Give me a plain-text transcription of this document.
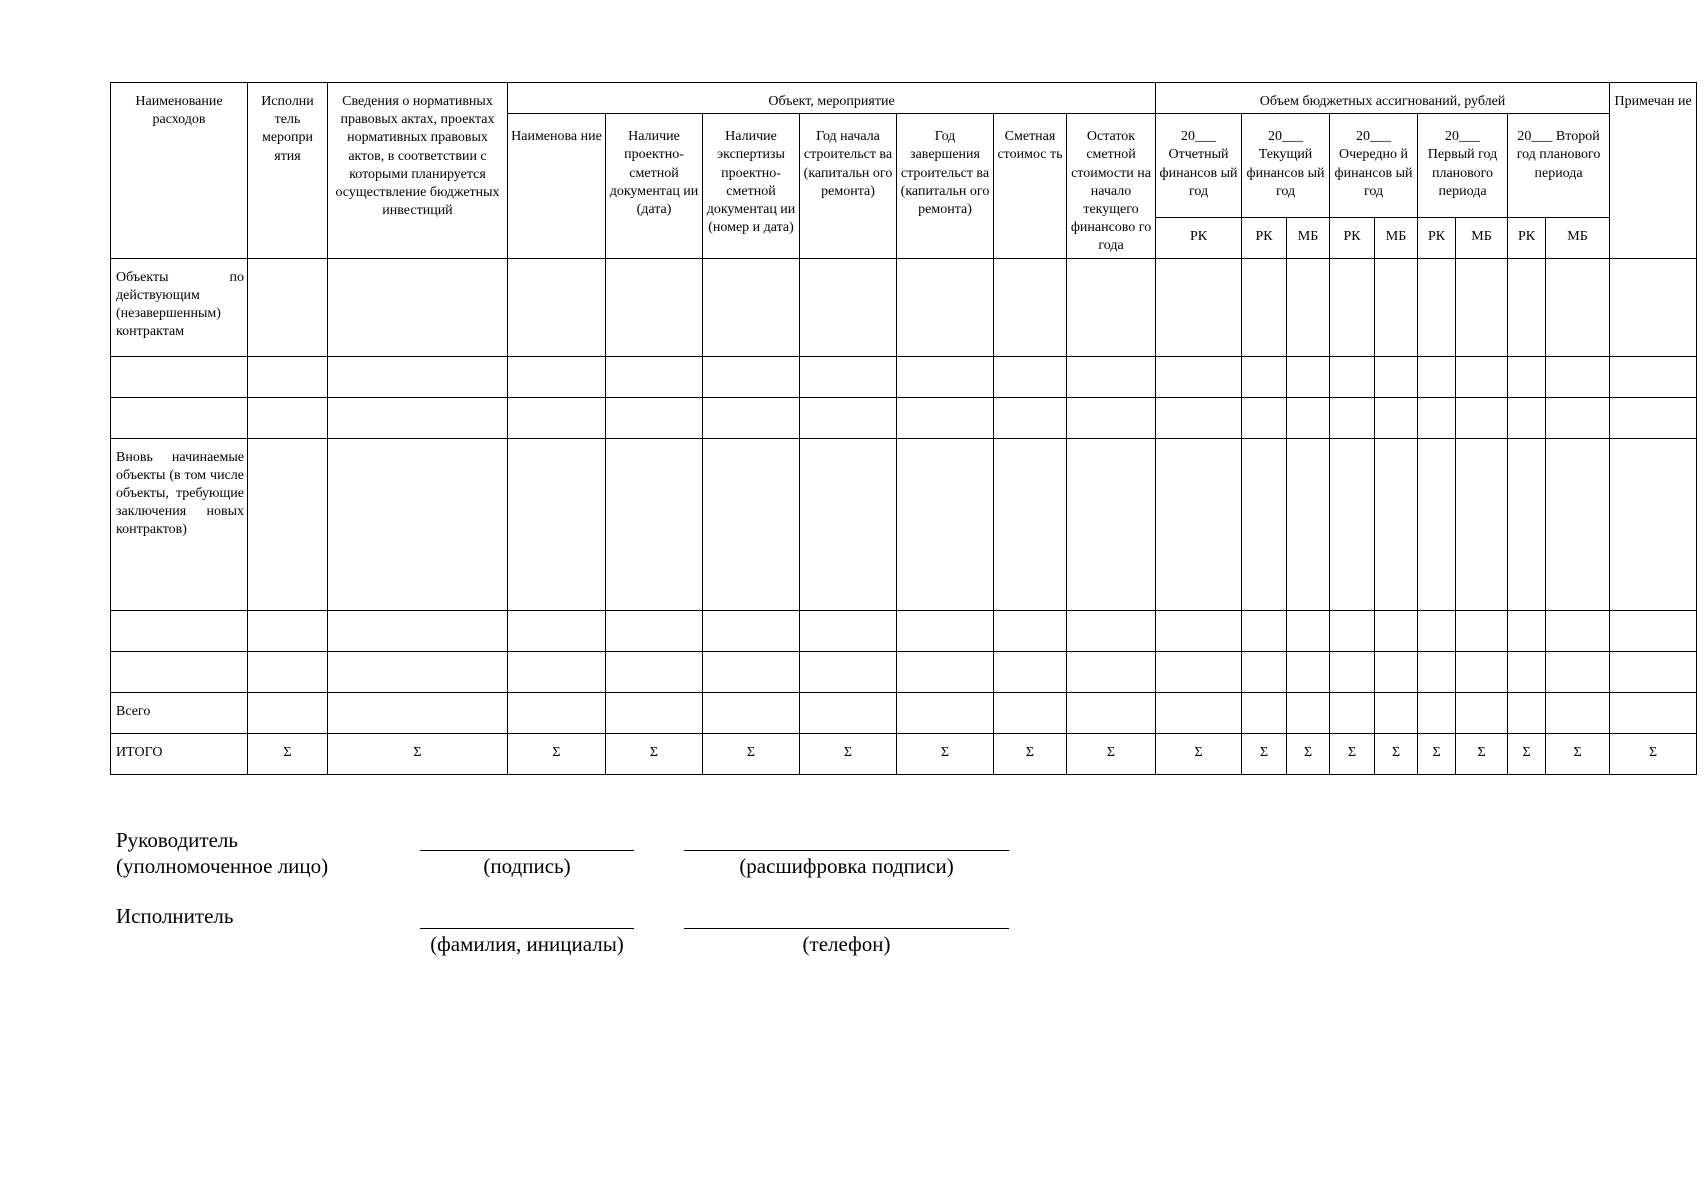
Наименование расходов	Исполни тель меропри ятия	Сведения о нормативных правовых актах, проектах нормативных правовых актов, в соответствии с которыми планируется осуществление бюджетных инвестиций	Объект, мероприятие							Объем бюджетных ассигнований, рублей									Примечан ие
			Наименова ние	Наличие проектно-сметной документац ии (дата)	Наличие экспертизы проектно-сметной документац ии (номер и дата)	Год начала строительст ва (капитальн ого ремонта)	Год завершения строительст ва (капитальн ого ремонта)	Сметная стоимос ть	Остаток сметной стоимости на начало текущего финансово го года	20___ Отчетный финансов ый год	20___ Текущий финансов ый год		20___ Очередно й финансов ый год		20___ Первый год планового периода		20___ Второй год планового периода		
										РК	РК	МБ	РК	МБ	РК	МБ	РК	МБ	
Объекты по действующим (незавершенным) контрактам																			

Вновь начинаемые объекты (в том числе объекты, требующие заключения новых контрактов)																			

Всего																			
ИТОГО	Σ	Σ	Σ	Σ	Σ	Σ	Σ	Σ	Σ	Σ	Σ	Σ	Σ	Σ	Σ	Σ	Σ	Σ	Σ
Руководитель
(уполномоченное лицо)	(подпись)	(расшифровка подписи)
Исполнитель
(фамилия, инициалы)	(телефон)
